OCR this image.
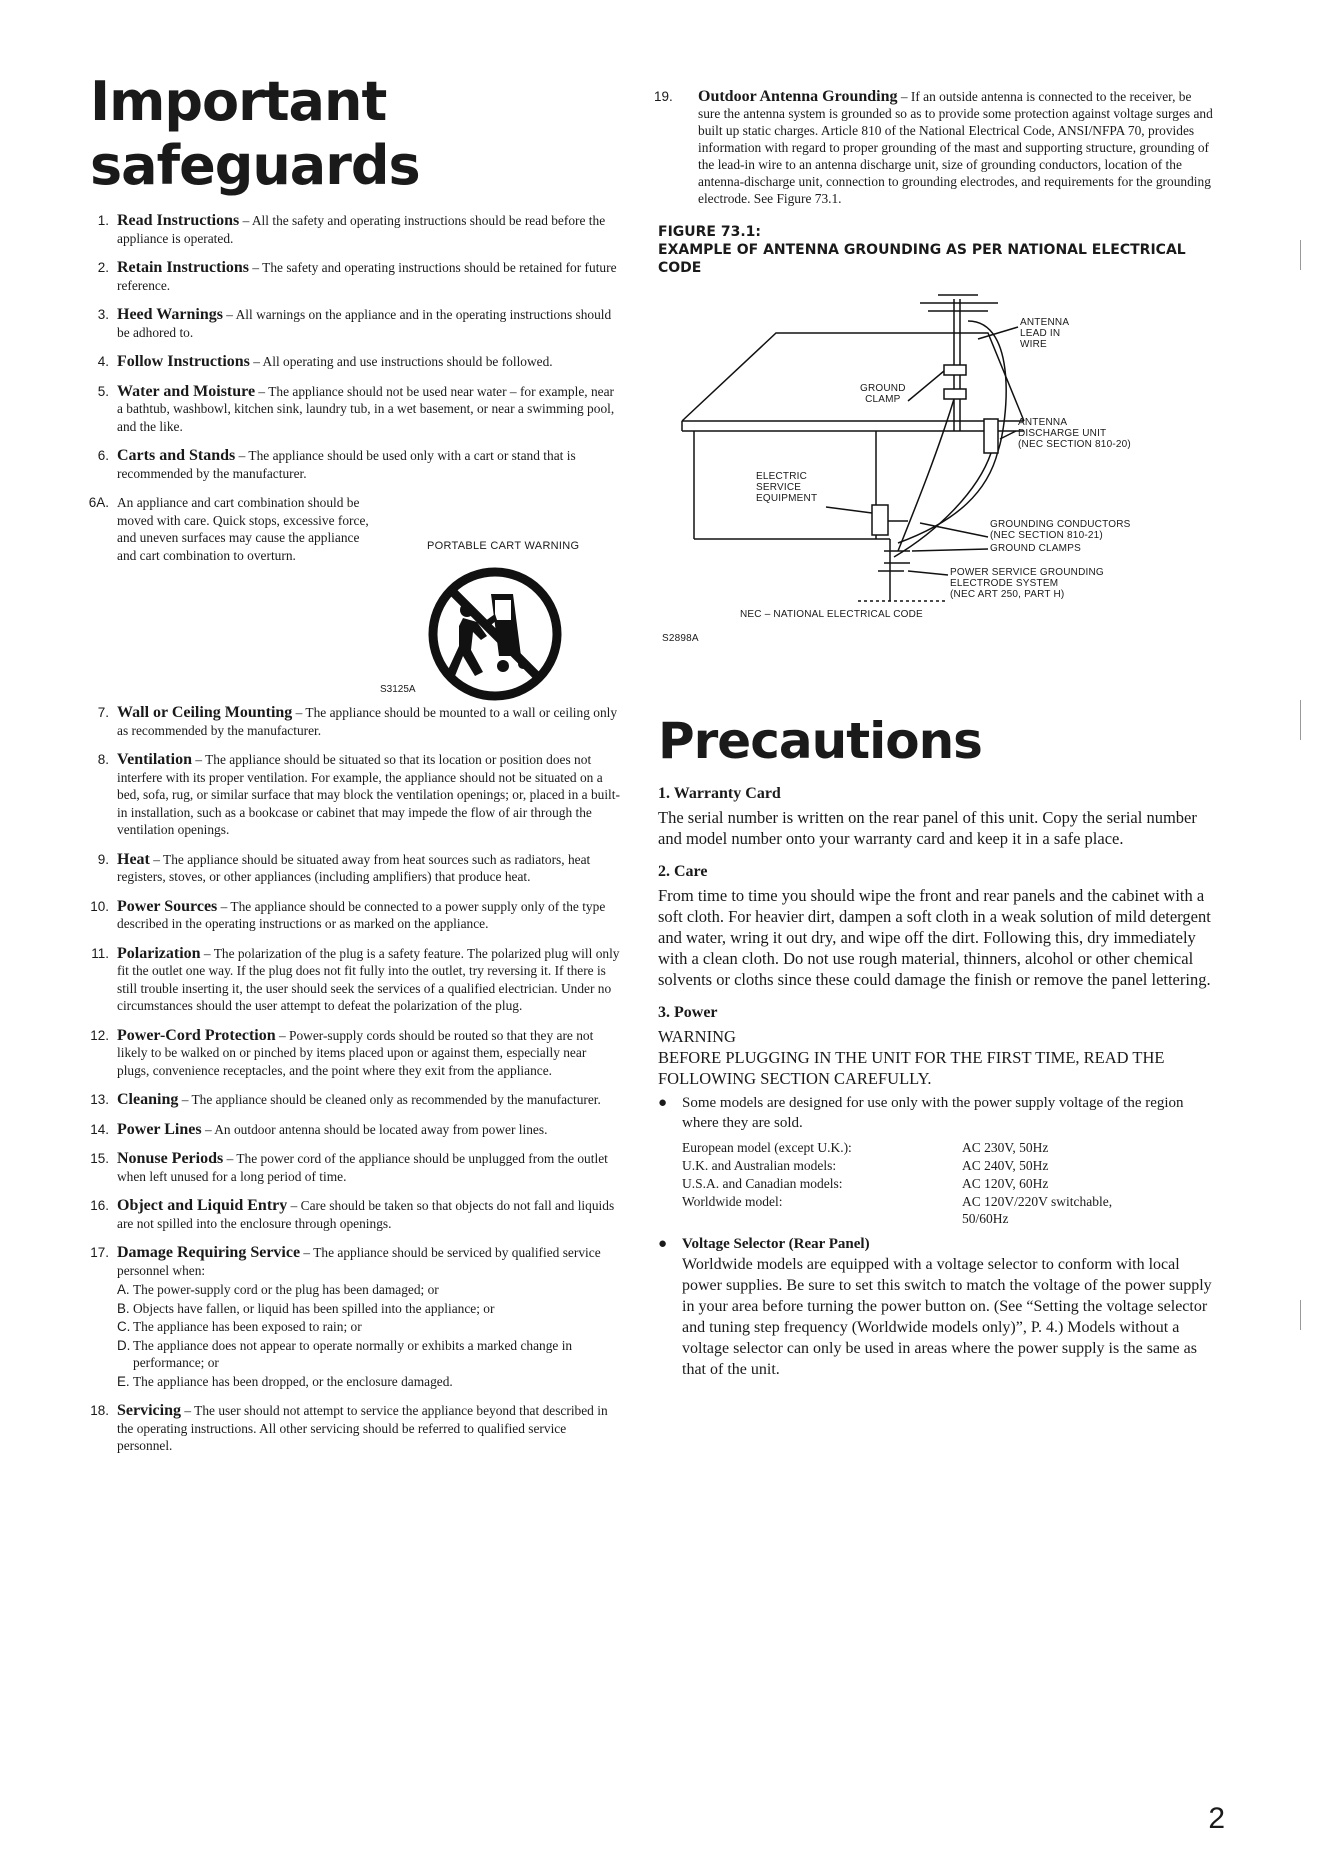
Important safeguards
1. Read Instructions – All the safety and operating instructions should be read before the appliance is operated.
2. Retain Instructions – The safety and operating instructions should be retained for future reference.
3. Heed Warnings – All warnings on the appliance and in the operating instructions should be adhored to.
4. Follow Instructions – All operating and use instructions should be followed.
5. Water and Moisture – The appliance should not be used near water – for example, near a bathtub, washbowl, kitchen sink, laundry tub, in a wet basement, or near a swimming pool, and the like.
6. Carts and Stands – The appliance should be used only with a cart or stand that is recommended by the manufacturer.
6A. An appliance and cart combination should be moved with care. Quick stops, excessive force, and uneven surfaces may cause the appliance and cart combination to overturn.
PORTABLE CART WARNING
S3125A
7. Wall or Ceiling Mounting – The appliance should be mounted to a wall or ceiling only as recommended by the manufacturer.
8. Ventilation – The appliance should be situated so that its location or position does not interfere with its proper ventilation. For example, the appliance should not be situated on a bed, sofa, rug, or similar surface that may block the ventilation openings; or, placed in a built-in installation, such as a bookcase or cabinet that may impede the flow of air through the ventilation openings.
9. Heat – The appliance should be situated away from heat sources such as radiators, heat registers, stoves, or other appliances (including amplifiers) that produce heat.
10. Power Sources – The appliance should be connected to a power supply only of the type described in the operating instructions or as marked on the appliance.
11. Polarization – The polarization of the plug is a safety feature. The polarized plug will only fit the outlet one way. If the plug does not fit fully into the outlet, try reversing it. If there is still trouble inserting it, the user should seek the services of a qualified electrician. Under no circumstances should the user attempt to defeat the polarization of the plug.
12. Power-Cord Protection – Power-supply cords should be routed so that they are not likely to be walked on or pinched by items placed upon or against them, especially near plugs, convenience receptacles, and the point where they exit from the appliance.
13. Cleaning – The appliance should be cleaned only as recommended by the manufacturer.
14. Power Lines – An outdoor antenna should be located away from power lines.
15. Nonuse Periods – The power cord of the appliance should be unplugged from the outlet when left unused for a long period of time.
16. Object and Liquid Entry – Care should be taken so that objects do not fall and liquids are not spilled into the enclosure through openings.
17. Damage Requiring Service – The appliance should be serviced by qualified service personnel when:
A. The power-supply cord or the plug has been damaged; or
B. Objects have fallen, or liquid has been spilled into the appliance; or
C. The appliance has been exposed to rain; or
D. The appliance does not appear to operate normally or exhibits a marked change in performance; or
E. The appliance has been dropped, or the enclosure damaged.
18. Servicing – The user should not attempt to service the appliance beyond that described in the operating instructions. All other servicing should be referred to qualified service personnel.
19.	Outdoor Antenna Grounding – If an outside antenna is connected to the receiver, be sure the antenna system is grounded so as to provide some protection against voltage surges and built up static charges. Article 810 of the National Electrical Code, ANSI/NFPA 70, provides information with regard to proper grounding of the mast and supporting structure, grounding of the lead-in wire to an antenna discharge unit, size of grounding conductors, location of the antenna-discharge unit, connection to grounding electrodes, and requirements for the grounding electrode. See Figure 73.1.
FIGURE 73.1:
EXAMPLE OF ANTENNA GROUNDING AS PER NATIONAL ELECTRICAL CODE
ANTENNA
LEAD IN
WIRE
GROUND
CLAMP
ANTENNA
DISCHARGE UNIT
(NEC SECTION 810-20)
ELECTRIC
SERVICE
EQUIPMENT
GROUNDING CONDUCTORS
(NEC SECTION 810-21)
GROUND CLAMPS
POWER SERVICE GROUNDING
ELECTRODE SYSTEM
(NEC ART 250, PART H)
NEC – NATIONAL ELECTRICAL CODE
S2898A
Precautions
1. Warranty Card

The serial number is written on the rear panel of this unit. Copy the serial number and model number onto your warranty card and keep it in a safe place.

2. Care

From time to time you should wipe the front and rear panels and the cabinet with a soft cloth. For heavier dirt, dampen a soft cloth in a weak solution of mild detergent and water, wring it out dry, and wipe off the dirt. Following this, dry immediately with a clean cloth. Do not use rough material, thinners, alcohol or other chemical solvents or cloths since these could damage the finish or remove the panel lettering.

3. Power

WARNING

BEFORE PLUGGING IN THE UNIT FOR THE FIRST TIME, READ THE FOLLOWING SECTION CAREFULLY.

● Some models are designed for use only with the power supply voltage of the region where they are sold.
European model (except U.K.):	AC 230V, 50Hz
U.K. and Australian models:	AC 240V, 50Hz
U.S.A. and Canadian models:	AC 120V, 60Hz
Worldwide model:	AC 120V/220V switchable, 50/60Hz
● Voltage Selector (Rear Panel)
Worldwide models are equipped with a voltage selector to conform with local power supplies. Be sure to set this switch to match the voltage of the power supply in your area before turning the power button on. (See “Setting the voltage selector and tuning step frequency (Worldwide models only)”, P. 4.) Models without a voltage selector can only be used in areas where the power supply is the same as that of the unit.
2
